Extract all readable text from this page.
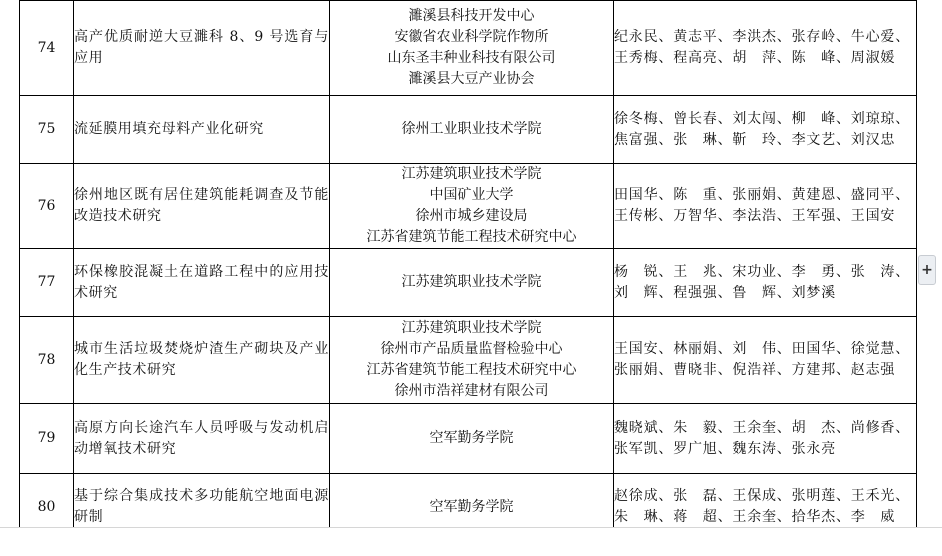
74	高产优质耐逆大豆濉科 8、9 号选育与应用	濉溪县科技开发中心
安徽省农业科学院作物所
山东圣丰种业科技有限公司
濉溪县大豆产业协会	纪永民、黄志平、李洪杰、张存岭、牛心爱、
王秀梅、程高亮、胡　萍、陈　峰、周淑媛

75	流延膜用填充母料产业化研究	徐州工业职业技术学院	徐冬梅、曾长春、刘太闯、柳　峰、刘琼琼、
焦富强、张　琳、靳　玲、李文艺、刘汉忠

76	徐州地区既有居住建筑能耗调查及节能改造技术研究	江苏建筑职业技术学院
中国矿业大学
徐州市城乡建设局
江苏省建筑节能工程技术研究中心	田国华、陈　重、张丽娟、黄建恩、盛同平、
王传彬、万智华、李法浩、王军强、王国安

77	环保橡胶混凝土在道路工程中的应用技术研究	江苏建筑职业技术学院	杨　锐、王　兆、宋功业、李　勇、张　涛、
刘　辉、程强强、鲁　辉、刘梦溪

78	城市生活垃圾焚烧炉渣生产砌块及产业化生产技术研究	江苏建筑职业技术学院
徐州市产品质量监督检验中心
江苏省建筑节能工程技术研究中心
徐州市浩祥建材有限公司	王国安、林丽娟、刘　伟、田国华、徐觉慧、
张丽娟、曹晓非、倪浩祥、方建邦、赵志强

79	高原方向长途汽车人员呼吸与发动机启动增氧技术研究	空军勤务学院	魏晓斌、朱　毅、王余奎、胡　杰、尚修香、
张军凯、罗广旭、魏东涛、张永亮

80	基于综合集成技术多功能航空地面电源研制	空军勤务学院	赵徐成、张　磊、王保成、张明莲、王禾光、
朱　琳、蒋　超、王余奎、拾华杰、李　威
+
